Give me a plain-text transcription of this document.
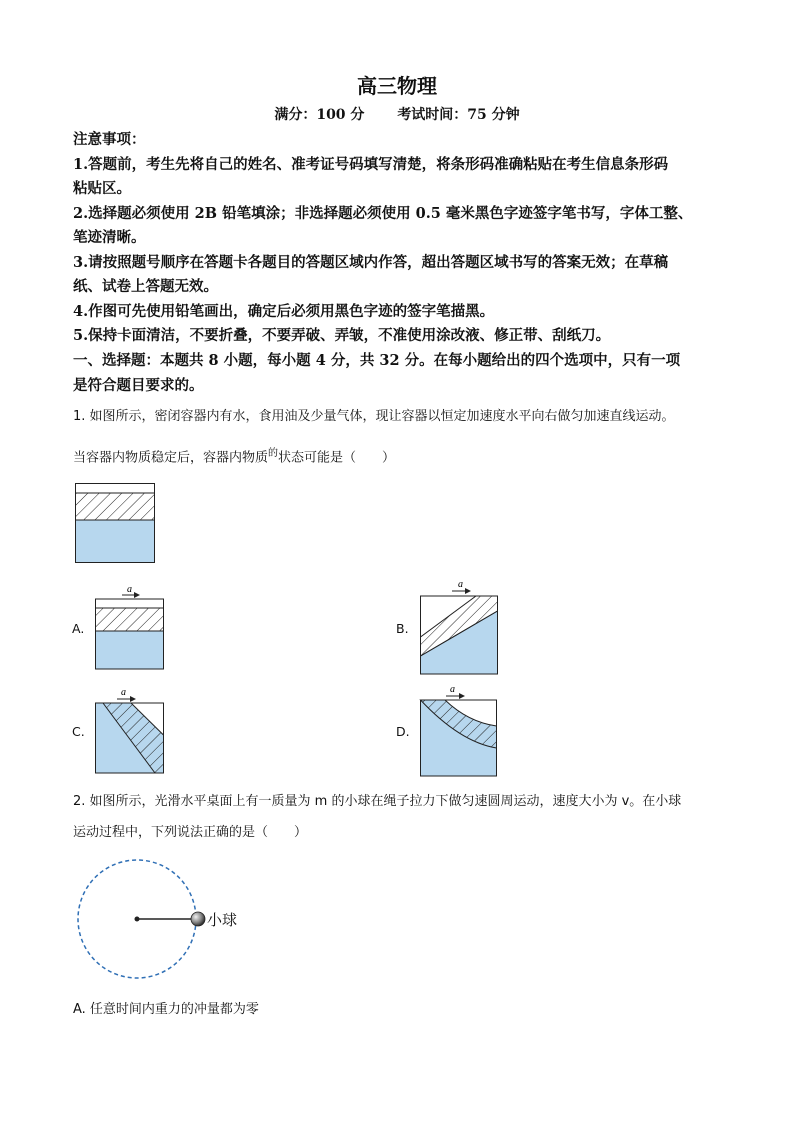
高三物理
满分：100 分 考试时间：75 分钟
注意事项：
1.答题前，考生先将自己的姓名、准考证号码填写清楚，将条形码准确粘贴在考生信息条形码
粘贴区。
2.选择题必须使用 2B 铅笔填涂；非选择题必须使用 0.5 毫米黑色字迹签字笔书写，字体工整、
笔迹清晰。
3.请按照题号顺序在答题卡各题目的答题区域内作答，超出答题区域书写的答案无效；在草稿
纸、试卷上答题无效。
4.作图可先使用铅笔画出，确定后必须用黑色字迹的签字笔描黑。
5.保持卡面清洁，不要折叠，不要弄破、弄皱，不准使用涂改液、修正带、刮纸刀。
一、选择题：本题共 8 小题，每小题 4 分，共 32 分。在每小题给出的四个选项中，只有一项
是符合题目要求的。
1. 如图所示，密闭容器内有水，食用油及少量气体，现让容器以恒定加速度水平向右做匀加速直线运动。
当容器内物质稳定后，容器内物质$^的$状态可能是（　　）
A.
a
B.
a
C.
a
D.
a
2. 如图所示，光滑水平桌面上有一质量为 m 的小球在绳子拉力下做匀速圆周运动，速度大小为 v。在小球
运动过程中，下列说法正确的是（　　）
小球
A. 任意时间内重力的冲量都为零
